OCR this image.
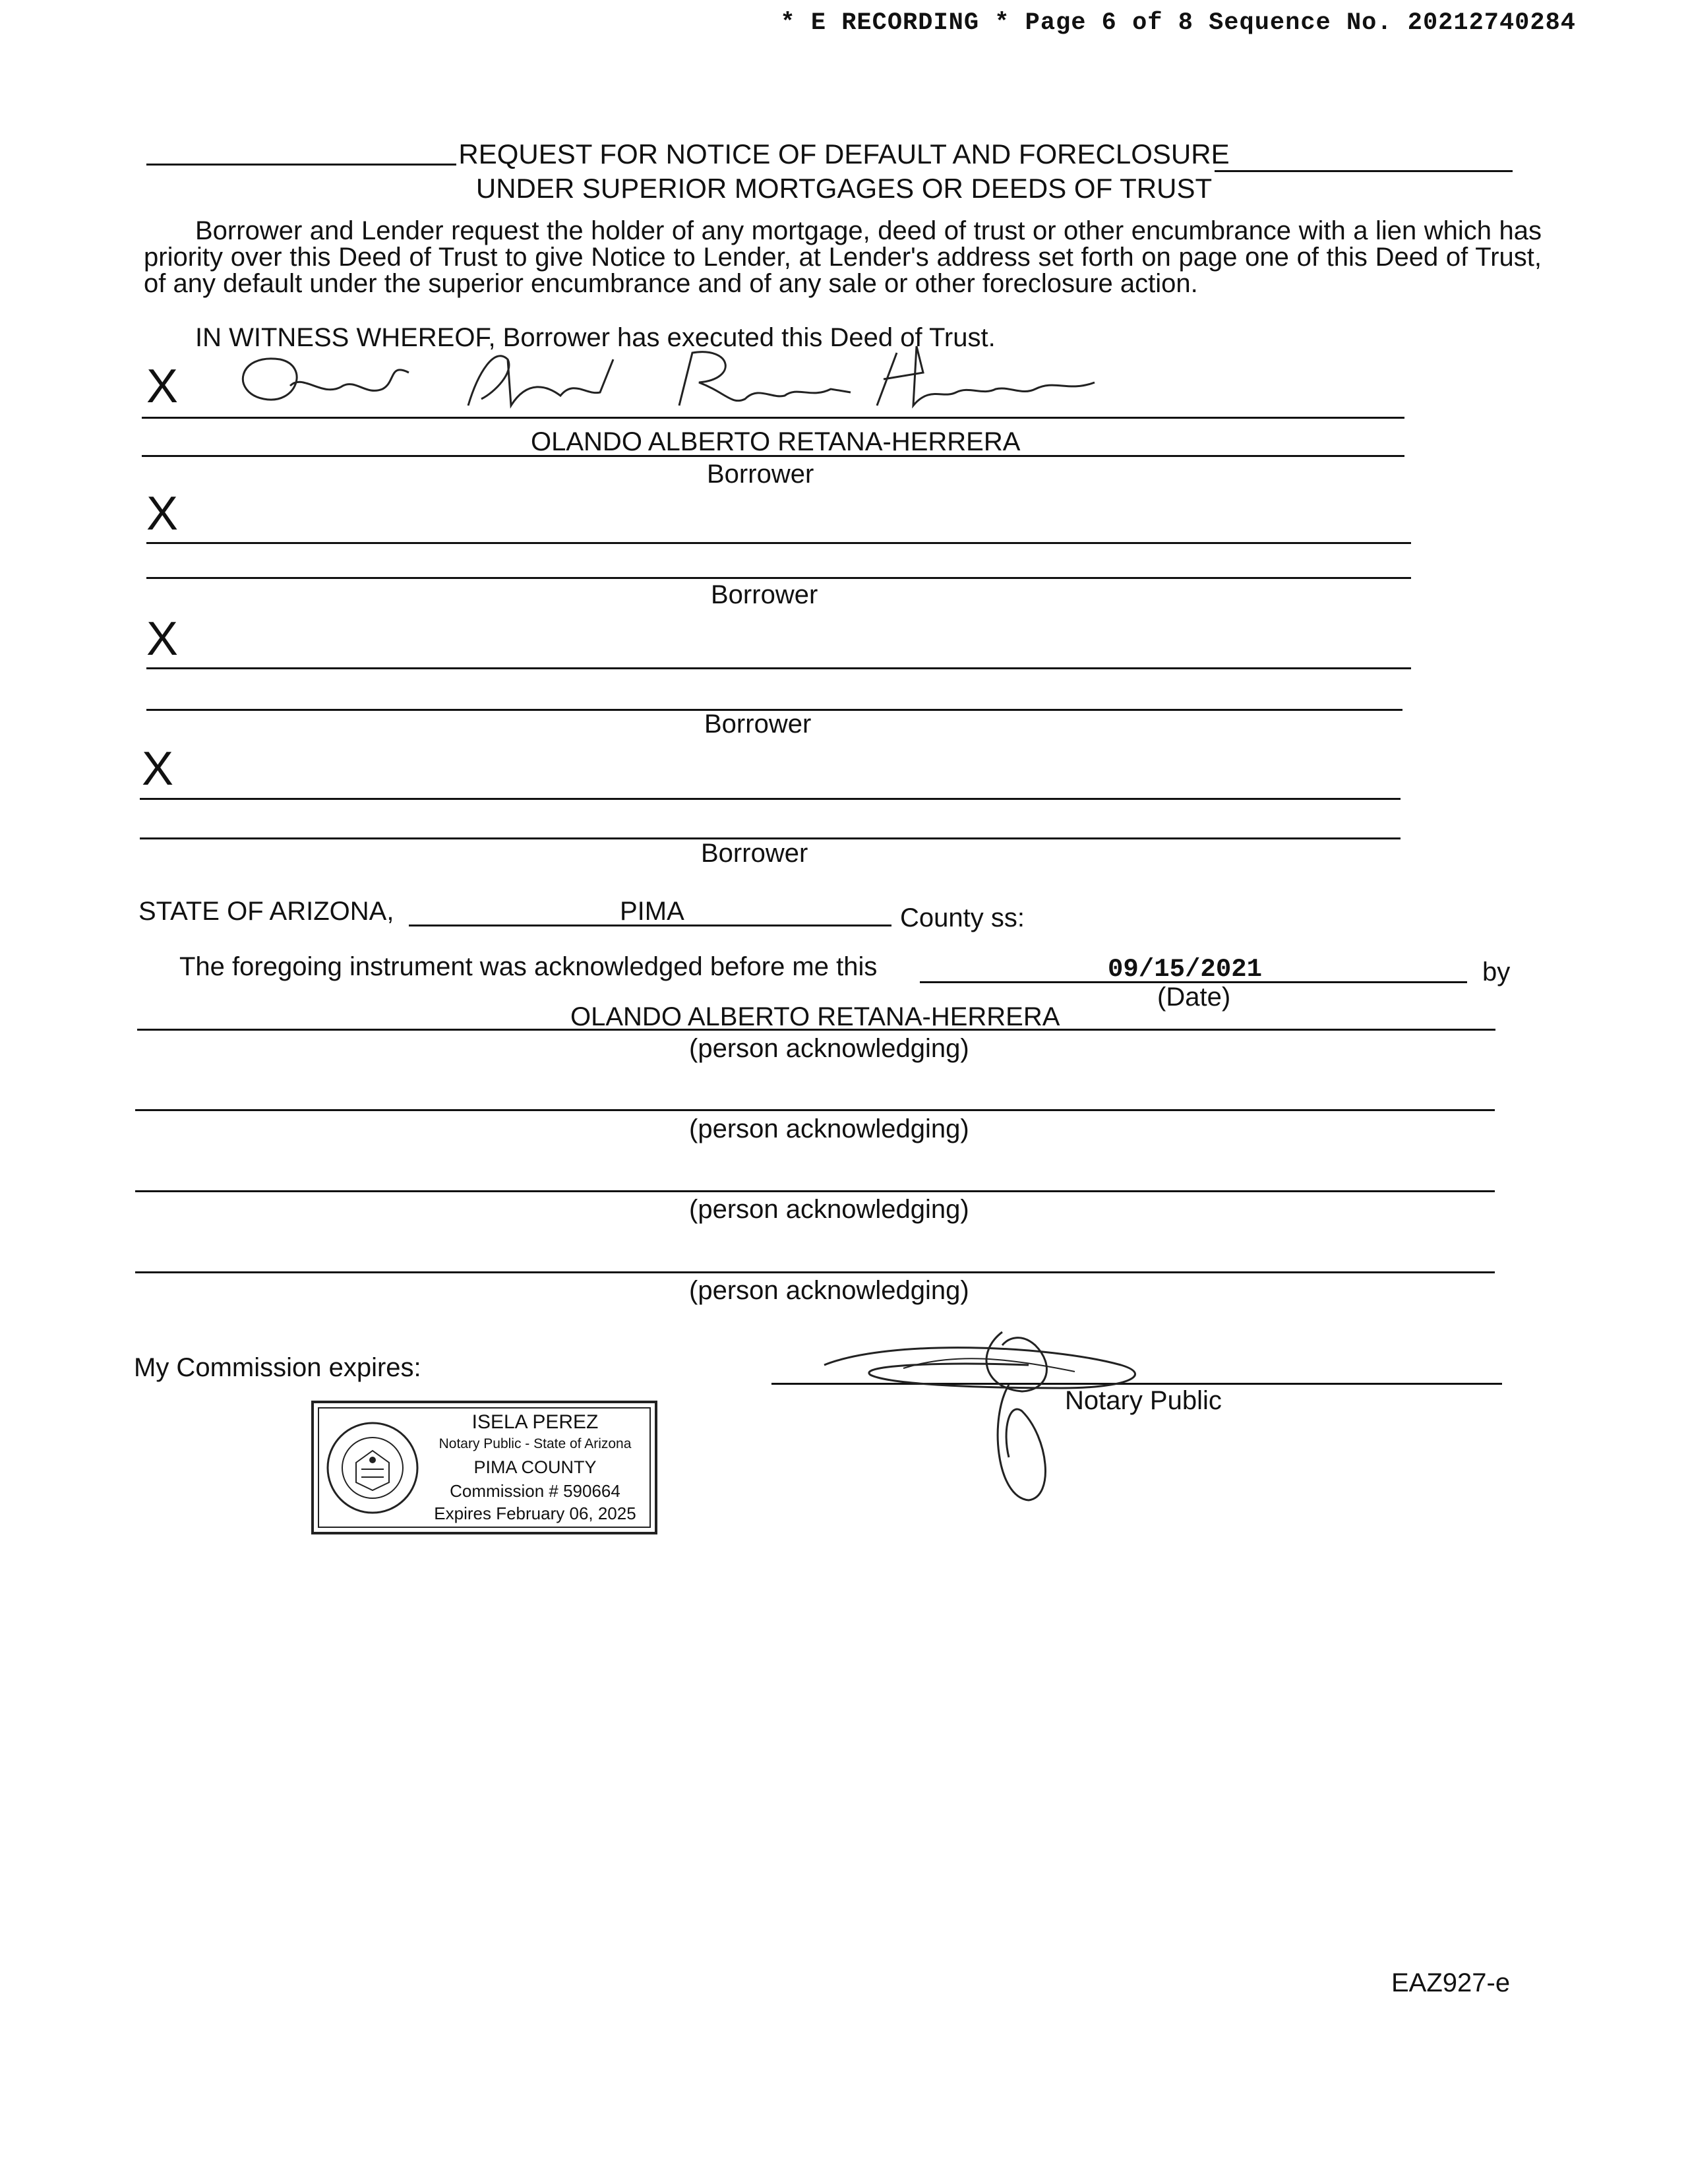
* E RECORDING * Page 6 of 8 Sequence No. 20212740284
REQUEST FOR NOTICE OF DEFAULT AND FORECLOSURE
UNDER SUPERIOR MORTGAGES OR DEEDS OF TRUST
Borrower and Lender request the holder of any mortgage, deed of trust or other encumbrance with a lien which has priority over this Deed of Trust to give Notice to Lender, at Lender's address set forth on page one of this Deed of Trust, of any default under the superior encumbrance and of any sale or other foreclosure action.
IN WITNESS WHEREOF, Borrower has executed this Deed of Trust.
X
OLANDO ALBERTO RETANA-HERRERA
Borrower
X
Borrower
X
Borrower
X
Borrower
STATE OF ARIZONA,	PIMA	County ss:
The foregoing instrument was acknowledged before me this	09/15/2021	by
(Date)
OLANDO ALBERTO RETANA-HERRERA
(person acknowledging)
(person acknowledging)
(person acknowledging)
(person acknowledging)
My Commission expires:
Notary Public
ISELA PEREZ
Notary Public - State of Arizona
PIMA COUNTY
Commission # 590664
Expires February 06, 2025
EAZ927-e
